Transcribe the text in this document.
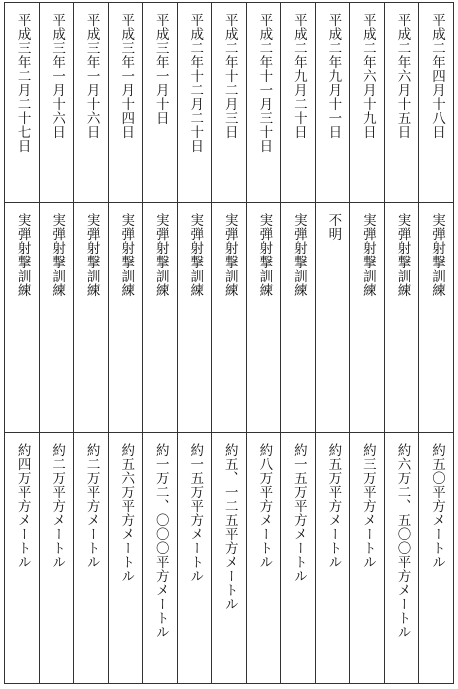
平成二年四月十八日
実弾射撃訓練
約五〇平方メートル
平成二年六月十五日
実弾射撃訓練
約六万二、五〇〇平方メートル
平成二年六月十九日
実弾射撃訓練
約三万平方メートル
平成二年九月十一日
不明
約五万平方メートル
平成二年九月二十日
実弾射撃訓練
約一五万平方メートル
平成二年十一月三十日
実弾射撃訓練
約八万平方メートル
平成二年十二月三日
実弾射撃訓練
約五、一二五平方メートル
平成二年十二月二十日
実弾射撃訓練
約一五万平方メートル
平成三年一月十日
実弾射撃訓練
約一万二、〇〇〇平方メートル
平成三年一月十四日
実弾射撃訓練
約五六万平方メートル
平成三年一月十六日
実弾射撃訓練
約二万平方メートル
平成三年一月十六日
実弾射撃訓練
約二万平方メートル
平成三年二月二十七日
実弾射撃訓練
約四万平方メートル
